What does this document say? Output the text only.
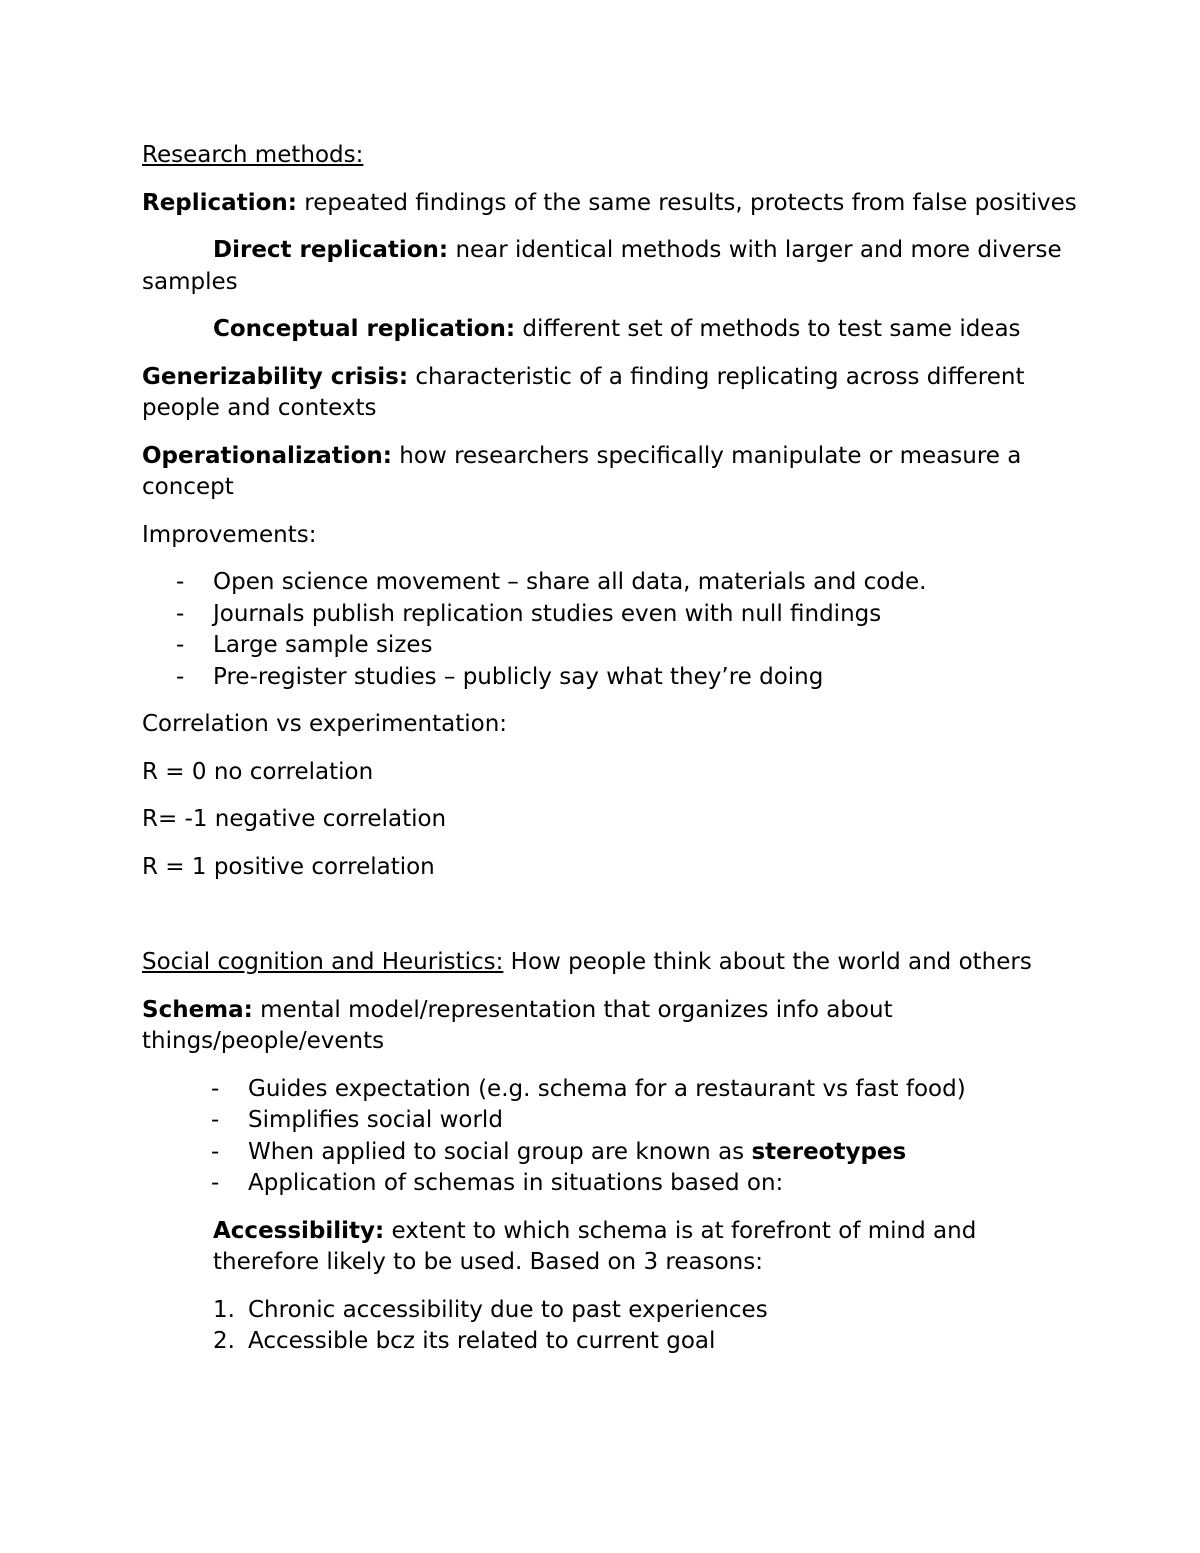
Research methods:

Replication: repeated findings of the same results, protects from false positives

Direct replication: near identical methods with larger and more diverse samples

Conceptual replication: different set of methods to test same ideas

Generizability crisis: characteristic of a finding replicating across different people and contexts

Operationalization: how researchers specifically manipulate or measure a concept

Improvements:

- Open science movement – share all data, materials and code.
- Journals publish replication studies even with null findings
- Large sample sizes
- Pre-register studies – publicly say what they’re doing

Correlation vs experimentation:

R = 0 no correlation

R= -1 negative correlation

R = 1 positive correlation

Social cognition and Heuristics: How people think about the world and others

Schema: mental model/representation that organizes info about things/people/events

- Guides expectation (e.g. schema for a restaurant vs fast food)
- Simplifies social world
- When applied to social group are known as stereotypes
- Application of schemas in situations based on:

Accessibility: extent to which schema is at forefront of mind and therefore likely to be used. Based on 3 reasons:

1. Chronic accessibility due to past experiences
2. Accessible bcz its related to current goal
